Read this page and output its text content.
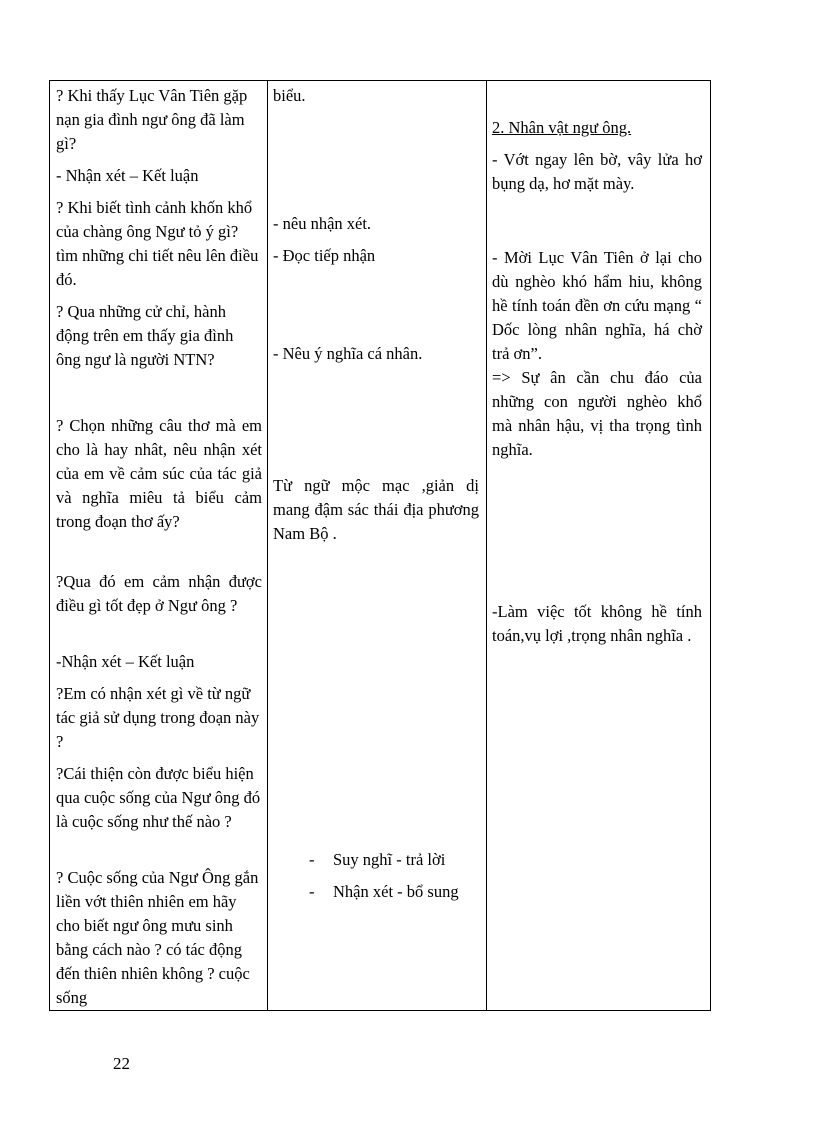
? Khi thấy Lục Vân Tiên gặp nạn gia đình ngư ông đã làm gì?

- Nhận xét – Kết luận

? Khi biết tình cảnh khốn khổ của chàng ông Ngư tỏ ý gì? tìm những chi tiết nêu lên điều đó.

? Qua những cử chỉ, hành động trên em thấy gia đình ông ngư là người NTN?

? Chọn những câu thơ mà em cho là hay nhât, nêu nhận xét của em về cảm súc của tác giả và nghĩa miêu tả biểu cảm trong đoạn thơ ấy?

?Qua đó em cảm nhận được điều gì tốt đẹp ở Ngư ông ?

-Nhận xét – Kết luận

?Em có nhận xét gì về từ ngữ tác giả sử dụng trong đoạn này ?

?Cái thiện còn được biểu hiện qua cuộc sống của Ngư ông đó là cuộc sống như thế nào ?

? Cuộc sống của Ngư Ông gắn liền vớt thiên nhiên em hãy cho biết ngư ông mưu sinh bằng cách nào ? có tác động đến thiên nhiên không ? cuộc sống

biểu.

- nêu nhận xét.

- Đọc tiếp nhận

- Nêu ý nghĩa cá nhân.

Từ ngữ mộc mạc ,giản dị mang đậm sác thái địa phương Nam Bộ .

- Suy nghĩ - trả lời
- Nhận xét - bổ sung

2. Nhân vật ngư ông.

- Vớt ngay lên bờ, vây lửa hơ bụng dạ, hơ mặt mày.

- Mời Lục Vân Tiên ở lại cho dù nghèo khó hẩm hiu, không hề tính toán đền ơn cứu mạng “ Dốc lòng nhân nghĩa, há chờ trả ơn”.

=> Sự ân cần chu đáo của những con người nghèo khổ mà nhân hậu, vị tha trọng tình nghĩa.

-Làm việc tốt không hề tính toán,vụ lợi ,trọng nhân nghĩa .

22
